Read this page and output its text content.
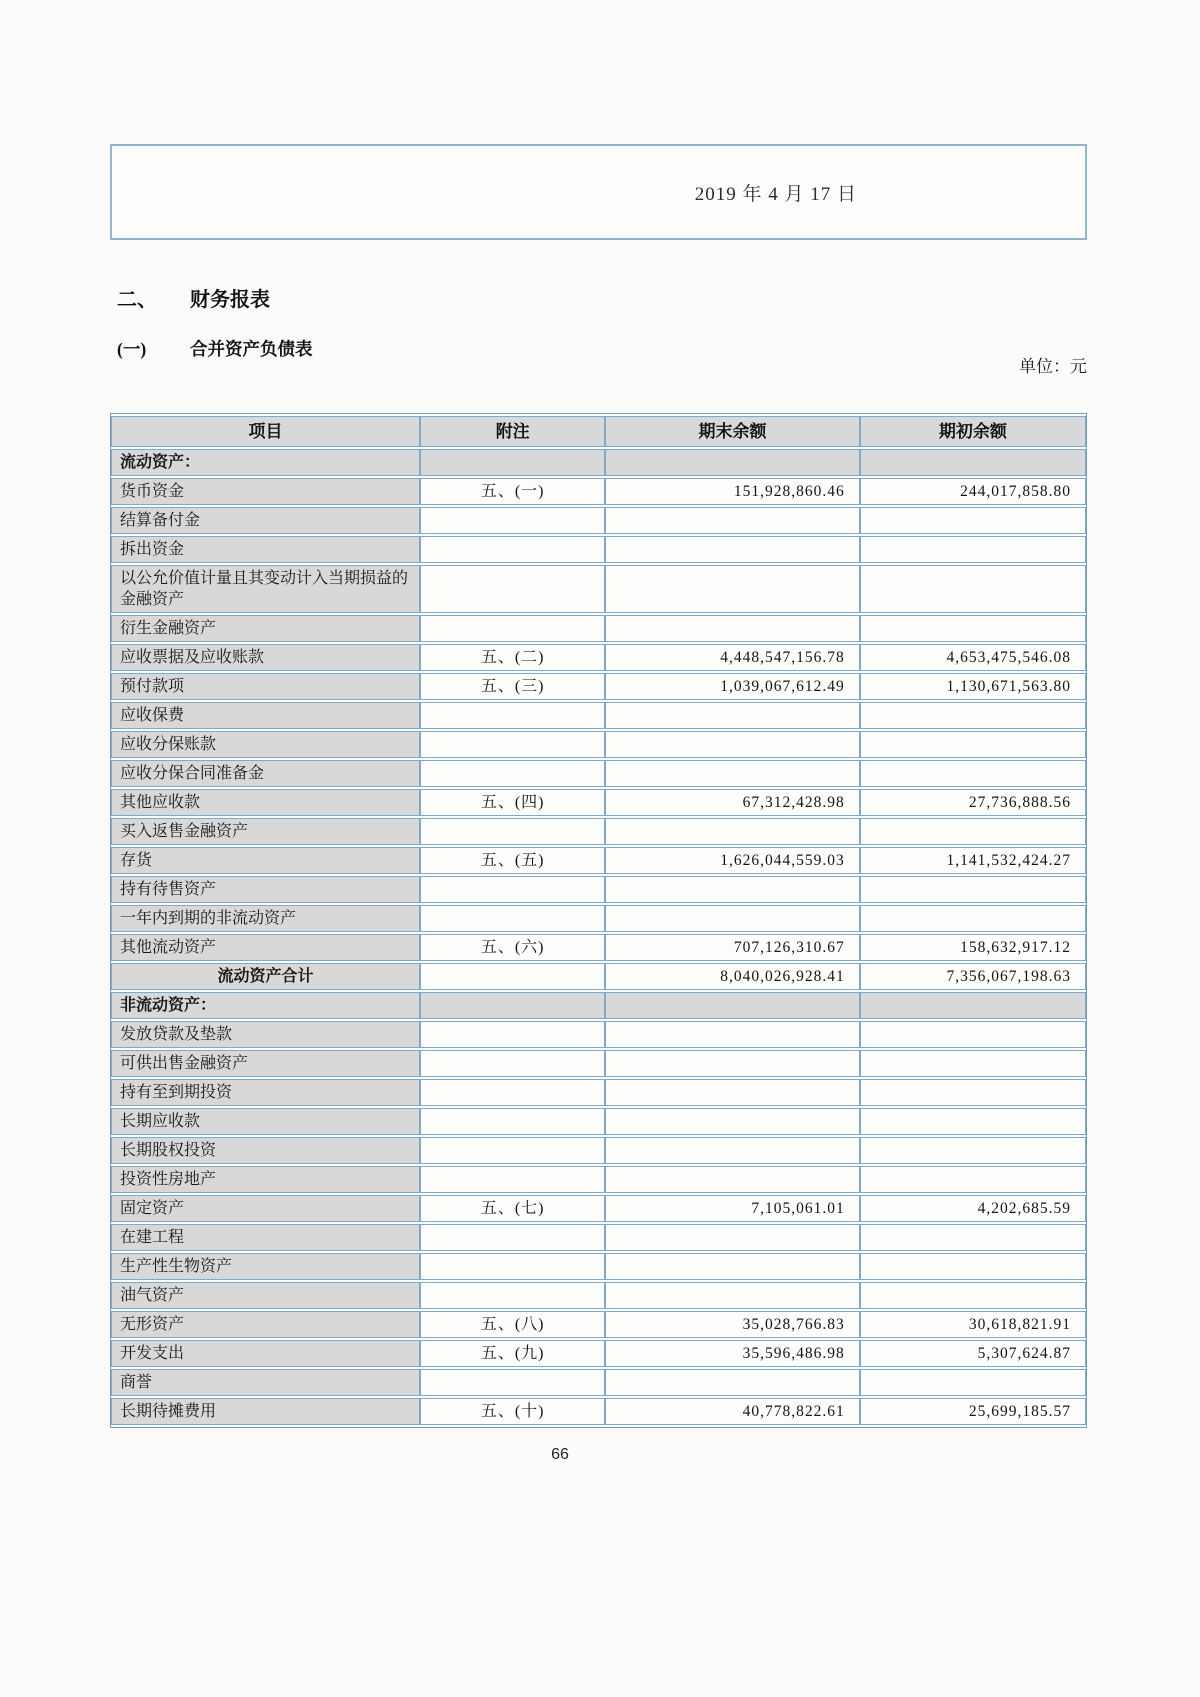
2019 年 4 月 17 日
二、	财务报表
(一)	合并资产负债表
单位：元
项目	附注	期末余额	期初余额
流动资产：			
货币资金	五、(一)	151,928,860.46	244,017,858.80
结算备付金			
拆出资金			
以公允价值计量且其变动计入当期损益的金融资产			
衍生金融资产			
应收票据及应收账款	五、(二)	4,448,547,156.78	4,653,475,546.08
预付款项	五、(三)	1,039,067,612.49	1,130,671,563.80
应收保费			
应收分保账款			
应收分保合同准备金			
其他应收款	五、(四)	67,312,428.98	27,736,888.56
买入返售金融资产			
存货	五、(五)	1,626,044,559.03	1,141,532,424.27
持有待售资产			
一年内到期的非流动资产			
其他流动资产	五、(六)	707,126,310.67	158,632,917.12
流动资产合计		8,040,026,928.41	7,356,067,198.63
非流动资产：			
发放贷款及垫款			
可供出售金融资产			
持有至到期投资			
长期应收款			
长期股权投资			
投资性房地产			
固定资产	五、(七)	7,105,061.01	4,202,685.59
在建工程			
生产性生物资产			
油气资产			
无形资产	五、(八)	35,028,766.83	30,618,821.91
开发支出	五、(九)	35,596,486.98	5,307,624.87
商誉			
长期待摊费用	五、(十)	40,778,822.61	25,699,185.57
66
